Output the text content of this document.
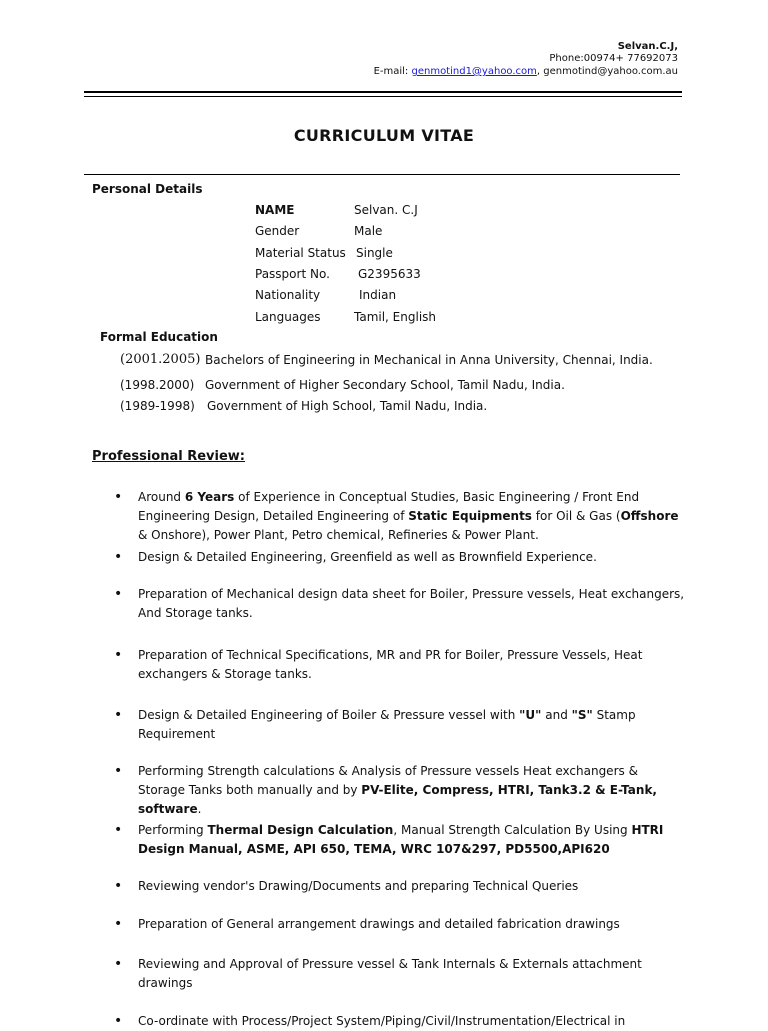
Selvan.C.J,
Phone:00974+ 77692073
E-mail: genmotind1@yahoo.com, genmotind@yahoo.com.au
CURRICULUM VITAE
Personal Details
NAME	Selvan. C.J
Gender	Male
Material Status Single
Passport No. G2395633
Nationality	Indian
Languages	Tamil, English
Formal Education
(2001.2005) Bachelors of Engineering in Mechanical in Anna University, Chennai, India.
(1998.2000) Government of Higher Secondary School, Tamil Nadu, India.
(1989-1998) Government of High School, Tamil Nadu, India.
Professional Review:
• Around 6 Years of Experience in Conceptual Studies, Basic Engineering / Front End Engineering Design, Detailed Engineering of Static Equipments for Oil & Gas (Offshore & Onshore), Power Plant, Petro chemical, Refineries & Power Plant.
• Design & Detailed Engineering, Greenfield as well as Brownfield Experience.
• Preparation of Mechanical design data sheet for Boiler, Pressure vessels, Heat exchangers, And Storage tanks.
• Preparation of Technical Specifications, MR and PR for Boiler, Pressure Vessels, Heat exchangers & Storage tanks.
• Design & Detailed Engineering of Boiler & Pressure vessel with "U" and "S" Stamp Requirement
• Performing Strength calculations & Analysis of Pressure vessels Heat exchangers & Storage Tanks both manually and by PV-Elite, Compress, HTRI, Tank3.2 & E-Tank, software.
• Performing Thermal Design Calculation, Manual Strength Calculation By Using HTRI Design Manual, ASME, API 650, TEMA, WRC 107&297, PD5500,API620
• Reviewing vendor's Drawing/Documents and preparing Technical Queries
• Preparation of General arrangement drawings and detailed fabrication drawings
• Reviewing and Approval of Pressure vessel & Tank Internals & Externals attachment drawings
• Co-ordinate with Process/Project System/Piping/Civil/Instrumentation/Electrical in
